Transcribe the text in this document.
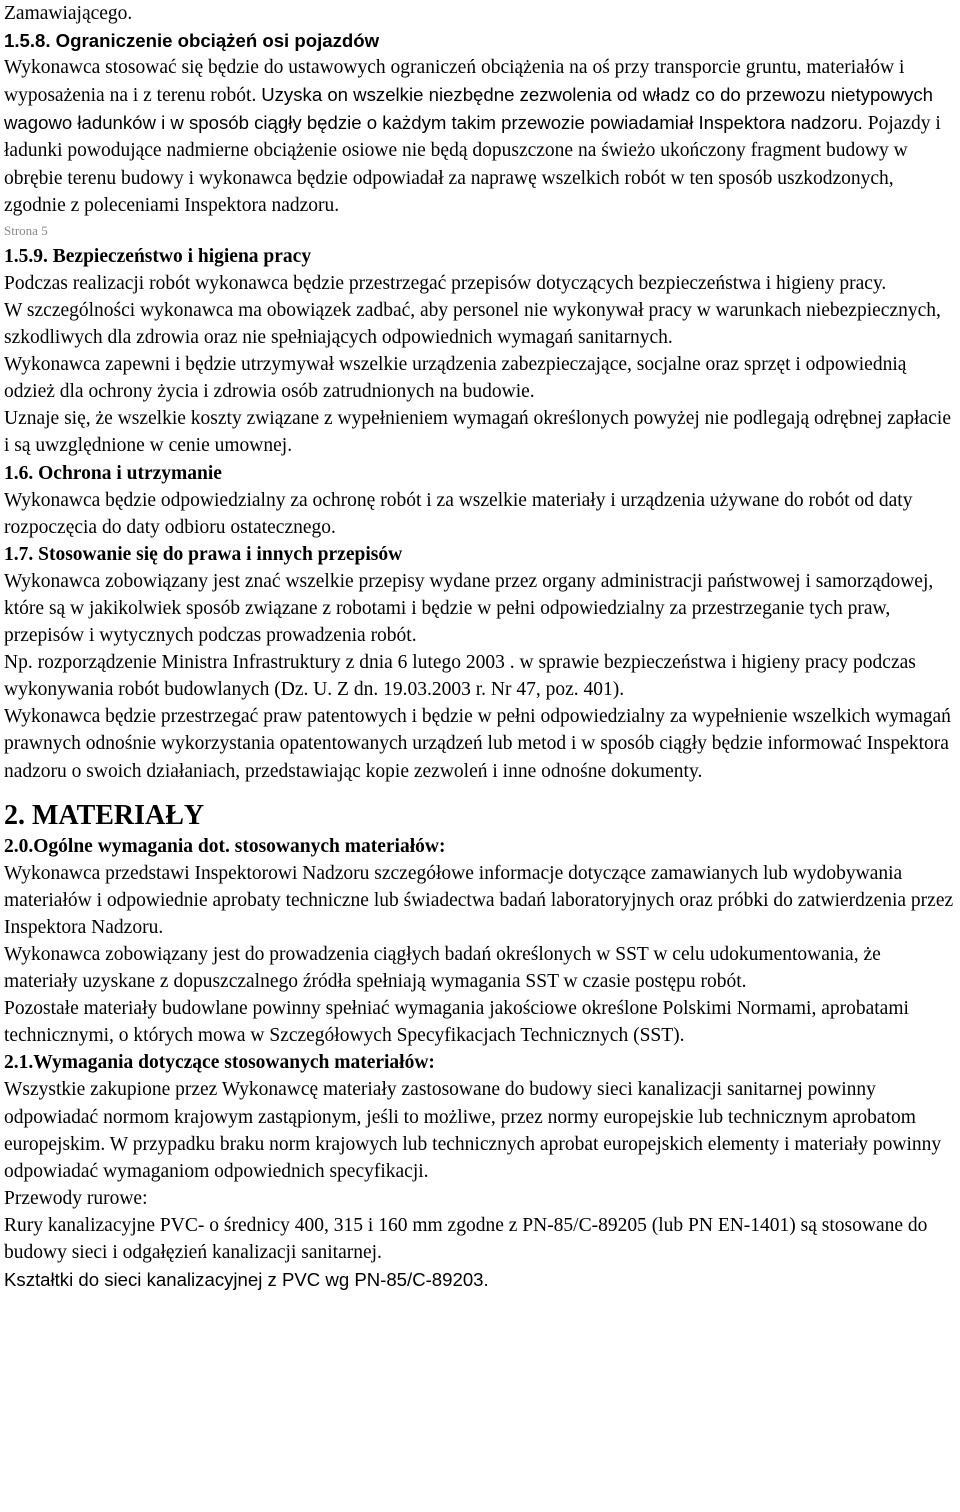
Zamawiającego.

1.5.8. Ograniczenie obciążeń osi pojazdów

Wykonawca stosować się będzie do ustawowych ograniczeń obciążenia na oś przy transporcie gruntu, materiałów i wyposażenia na i z terenu robót. Uzyska on wszelkie niezbędne zezwolenia od władz co do przewozu nietypowych wagowo ładunków i w sposób ciągły będzie o każdym takim przewozie powiadamiał Inspektora nadzoru. Pojazdy i ładunki powodujące nadmierne obciążenie osiowe nie będą dopuszczone na świeżo ukończony fragment budowy w obrębie terenu budowy i wykonawca będzie odpowiadał za naprawę wszelkich robót w ten sposób uszkodzonych, zgodnie z poleceniami Inspektora nadzoru.

Strona 5
1.5.9. Bezpieczeństwo i higiena pracy

Podczas realizacji robót wykonawca będzie przestrzegać przepisów dotyczących bezpieczeństwa i higieny pracy.

W szczególności wykonawca ma obowiązek zadbać, aby personel nie wykonywał pracy w warunkach niebezpiecznych, szkodliwych dla zdrowia oraz nie spełniających odpowiednich wymagań sanitarnych.

Wykonawca zapewni i będzie utrzymywał wszelkie urządzenia zabezpieczające, socjalne oraz sprzęt i odpowiednią odzież dla ochrony życia i zdrowia osób zatrudnionych na budowie.

Uznaje się, że wszelkie koszty związane z wypełnieniem wymagań określonych powyżej nie podlegają odrębnej zapłacie i są uwzględnione w cenie umownej.

1.6. Ochrona i utrzymanie

Wykonawca będzie odpowiedzialny za ochronę robót i za wszelkie materiały i urządzenia używane do robót od daty rozpoczęcia do daty odbioru ostatecznego.

1.7. Stosowanie się do prawa i innych przepisów

Wykonawca zobowiązany jest znać wszelkie przepisy wydane przez organy administracji państwowej i samorządowej, które są w jakikolwiek sposób związane z robotami i będzie w pełni odpowiedzialny za przestrzeganie tych praw, przepisów i wytycznych podczas prowadzenia robót.

Np. rozporządzenie Ministra Infrastruktury z dnia 6 lutego 2003 . w sprawie bezpieczeństwa i higieny pracy podczas wykonywania robót budowlanych (Dz. U. Z dn. 19.03.2003 r. Nr 47, poz. 401).

Wykonawca będzie przestrzegać praw patentowych i będzie w pełni odpowiedzialny za wypełnienie wszelkich wymagań prawnych odnośnie wykorzystania opatentowanych urządzeń lub metod i w sposób ciągły będzie informować Inspektora nadzoru o swoich działaniach, przedstawiając kopie zezwoleń i inne odnośne dokumenty.

2. MATERIAŁY
2.0.Ogólne wymagania dot. stosowanych materiałów:

Wykonawca przedstawi Inspektorowi Nadzoru szczegółowe informacje dotyczące zamawianych lub wydobywania materiałów i odpowiednie aprobaty techniczne lub świadectwa badań laboratoryjnych oraz próbki do zatwierdzenia przez Inspektora Nadzoru.

Wykonawca zobowiązany jest do prowadzenia ciągłych badań określonych w SST w celu udokumentowania, że materiały uzyskane z dopuszczalnego źródła spełniają wymagania SST w czasie postępu robót.

Pozostałe materiały budowlane powinny spełniać wymagania jakościowe określone Polskimi Normami, aprobatami technicznymi, o których mowa w Szczegółowych Specyfikacjach Technicznych (SST).

2.1.Wymagania dotyczące stosowanych materiałów:

Wszystkie zakupione przez Wykonawcę materiały zastosowane do budowy sieci kanalizacji sanitarnej powinny odpowiadać normom krajowym zastąpionym, jeśli to możliwe, przez normy europejskie lub technicznym aprobatom europejskim. W przypadku braku norm krajowych lub technicznych aprobat europejskich elementy i materiały powinny odpowiadać wymaganiom odpowiednich specyfikacji.

Przewody rurowe:

Rury kanalizacyjne PVC- o średnicy 400, 315 i 160 mm zgodne z PN-85/C-89205 (lub PN EN-1401) są stosowane do budowy sieci i odgałęzień kanalizacji sanitarnej.

Kształtki do sieci kanalizacyjnej z PVC wg PN-85/C-89203.
